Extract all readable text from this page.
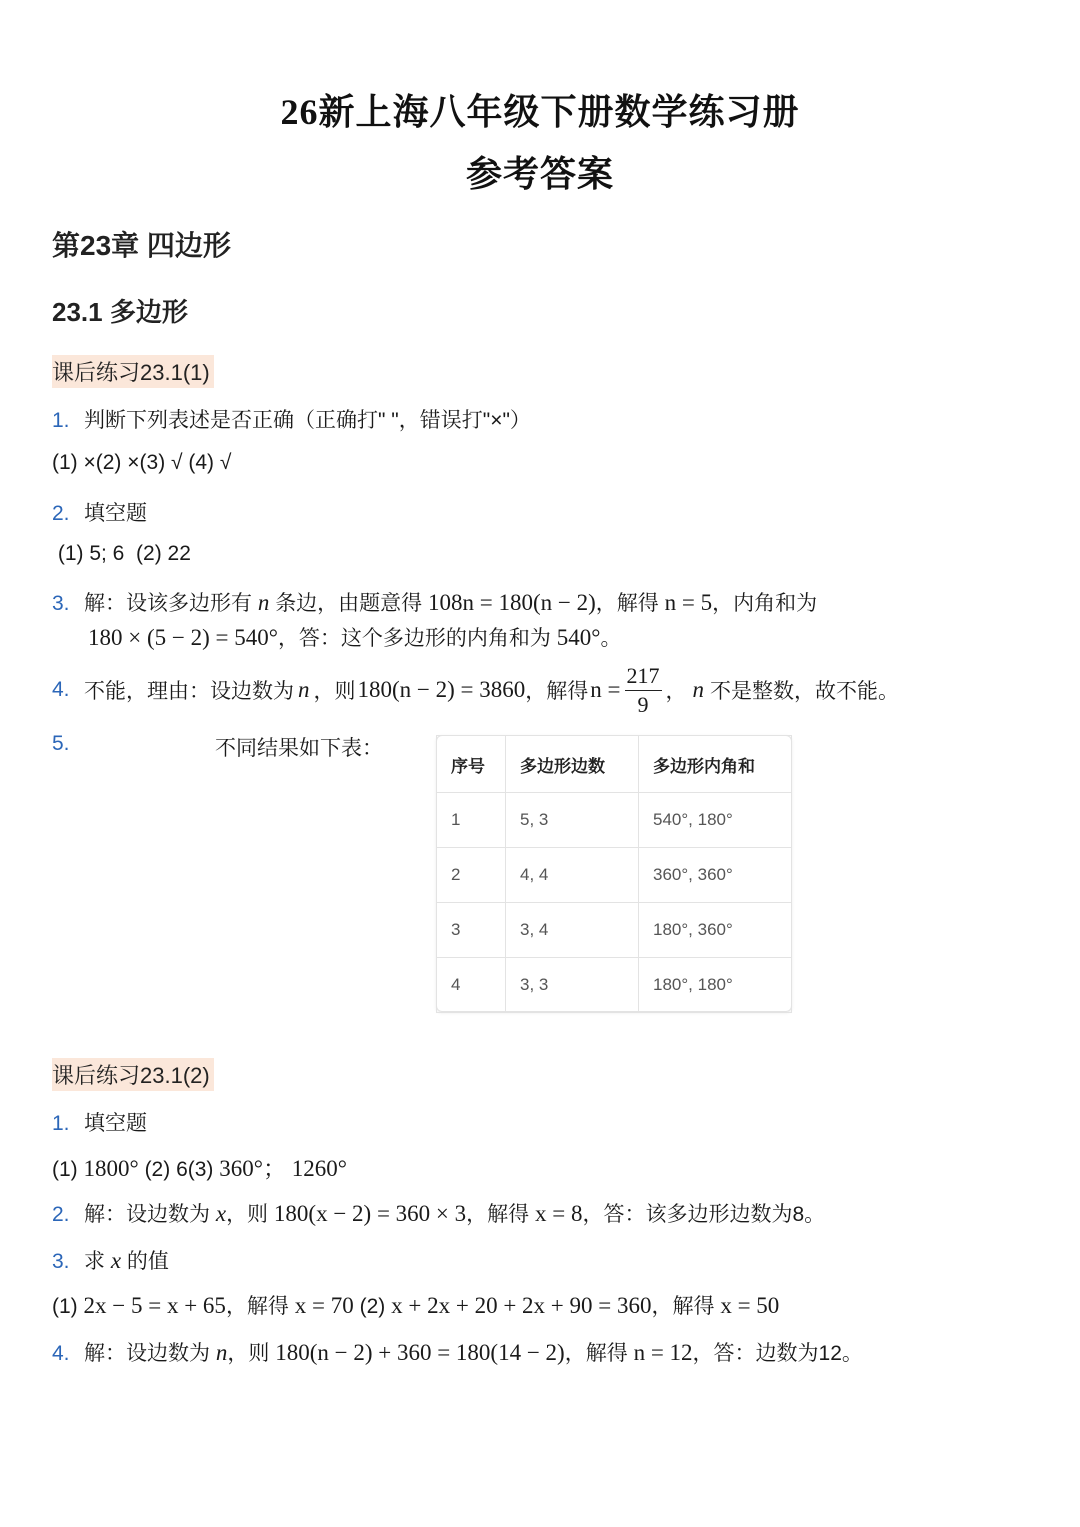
26新上海八年级下册数学练习册
参考答案
第23章 四边形
23.1 多边形
课后练习23.1(1)
1. 判断下列表述是否正确（正确打" "，错误打"×"）
(1) ×(2) ×(3) √ (4) √
2. 填空题
(1) 5; 6  (2) 22
3. 解：设该多边形有 n 条边，由题意得 108n = 180(n − 2)，解得 n = 5，内角和为
180 × (5 − 2) = 540°，答：这个多边形的内角和为 540°。
4. 不能，理由：设边数为 n ，则 180(n − 2) = 3860 ，解得 $n = \frac{217}{9}$ ， n 不是整数，故不能。
5.	不同结果如下表：
序号	多边形边数	多边形内角和
1	5, 3	540°, 180°
2	4, 4	360°, 360°
3	3, 4	180°, 360°
4	3, 3	180°, 180°
课后练习23.1(2)
1. 填空题
(1) 1800° (2) 6(3) 360°； 1260°
2. 解：设边数为 x，则 180(x − 2) = 360 × 3，解得 x = 8，答：该多边形边数为8。
3. 求 x 的值
(1) 2x − 5 = x + 65，解得 x = 70 (2) x + 2x + 20 + 2x + 90 = 360，解得 x = 50
4. 解：设边数为 n，则 180(n − 2) + 360 = 180(14 − 2)，解得 n = 12，答：边数为12。
